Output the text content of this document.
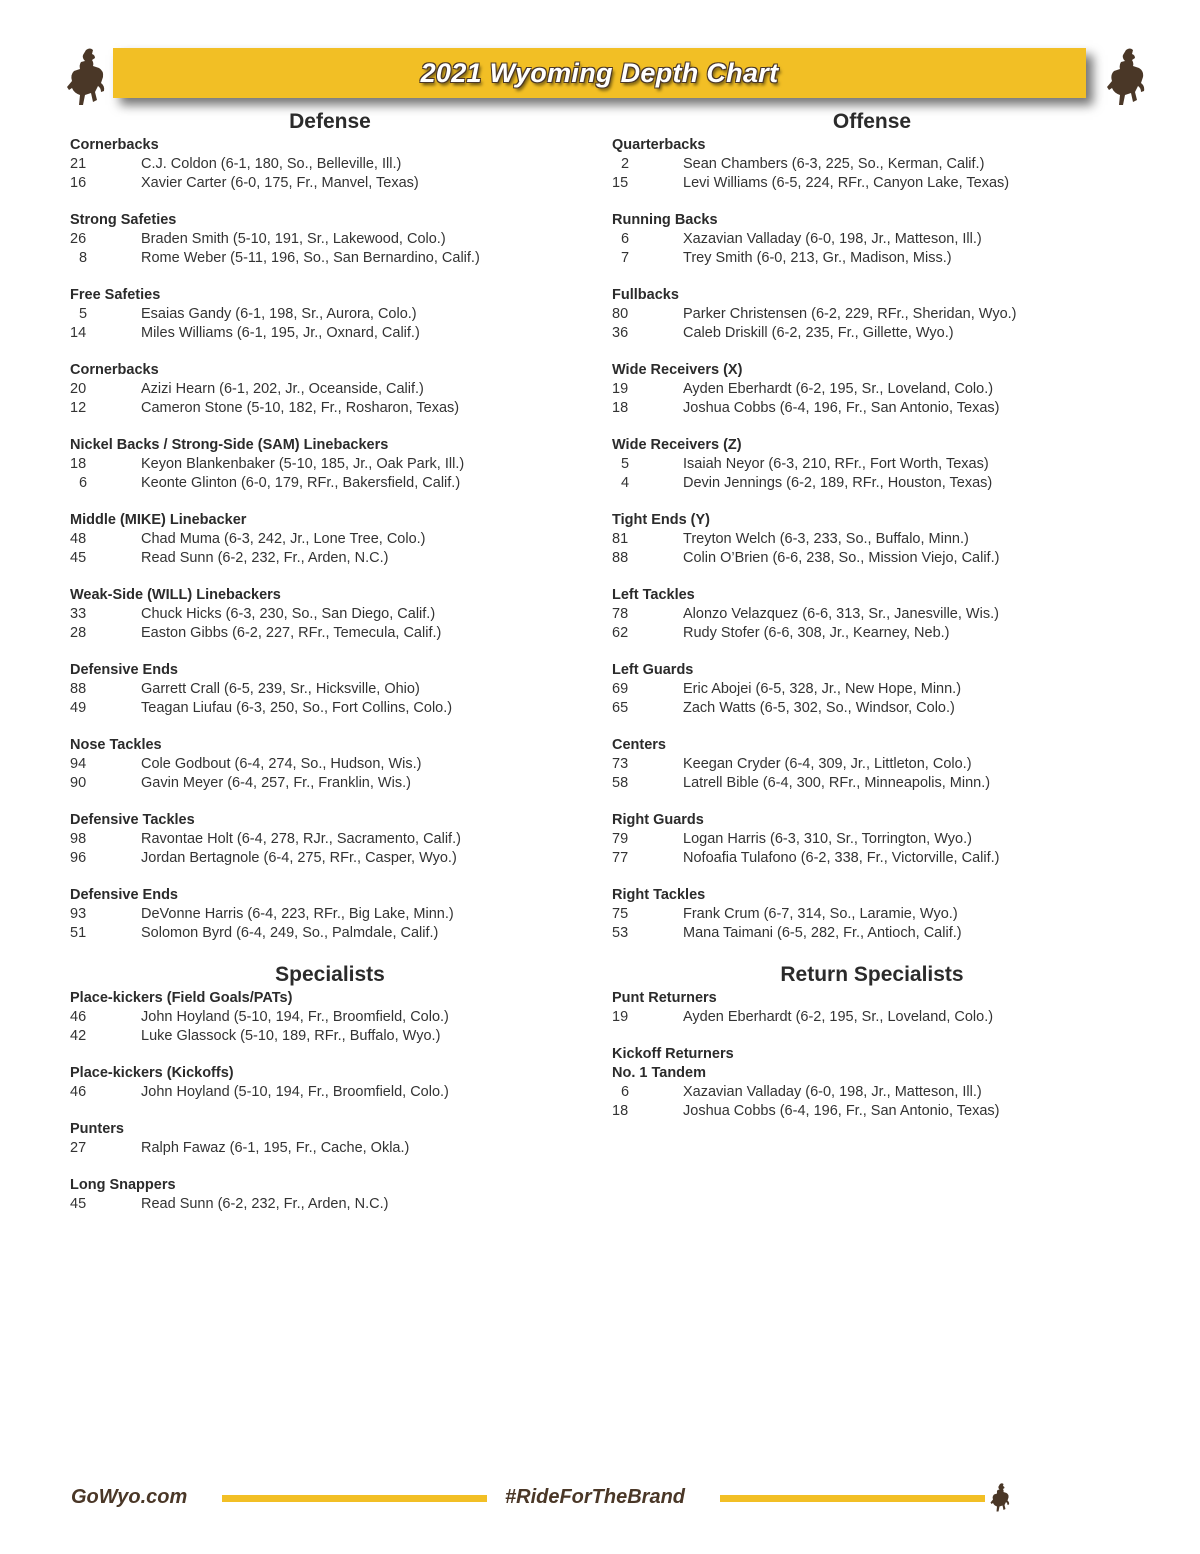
2021 Wyoming Depth Chart
Defense
Cornerbacks
21	C.J. Coldon (6-1, 180, So., Belleville, Ill.)
16	Xavier Carter (6-0, 175, Fr., Manvel, Texas)
Strong Safeties
26	Braden Smith (5-10, 191, Sr., Lakewood, Colo.)
8	Rome Weber (5-11, 196, So., San Bernardino, Calif.)
Free Safeties
5	Esaias Gandy (6-1, 198, Sr., Aurora, Colo.)
14	Miles Williams (6-1, 195, Jr., Oxnard, Calif.)
Cornerbacks
20	Azizi Hearn (6-1, 202, Jr., Oceanside, Calif.)
12	Cameron Stone (5-10, 182, Fr., Rosharon, Texas)
Nickel Backs / Strong-Side (SAM) Linebackers
18	Keyon Blankenbaker (5-10, 185, Jr., Oak Park, Ill.)
6	Keonte Glinton (6-0, 179, RFr., Bakersfield, Calif.)
Middle (MIKE) Linebacker
48	Chad Muma (6-3, 242, Jr., Lone Tree, Colo.)
45	Read Sunn (6-2, 232, Fr., Arden, N.C.)
Weak-Side (WILL) Linebackers
33	Chuck Hicks (6-3, 230, So., San Diego, Calif.)
28	Easton Gibbs (6-2, 227, RFr., Temecula, Calif.)
Defensive Ends
88	Garrett Crall (6-5, 239, Sr., Hicksville, Ohio)
49	Teagan Liufau (6-3, 250, So., Fort Collins, Colo.)
Nose Tackles
94	Cole Godbout (6-4, 274, So., Hudson, Wis.)
90	Gavin Meyer (6-4, 257, Fr., Franklin, Wis.)
Defensive Tackles
98	Ravontae Holt (6-4, 278, RJr., Sacramento, Calif.)
96	Jordan Bertagnole (6-4, 275, RFr., Casper, Wyo.)
Defensive Ends
93	DeVonne Harris (6-4, 223, RFr., Big Lake, Minn.)
51	Solomon Byrd (6-4, 249, So., Palmdale, Calif.)
Specialists
Place-kickers (Field Goals/PATs)
46	John Hoyland (5-10, 194, Fr., Broomfield, Colo.)
42	Luke Glassock (5-10, 189, RFr., Buffalo, Wyo.)
Place-kickers (Kickoffs)
46	John Hoyland (5-10, 194, Fr., Broomfield, Colo.)
Punters
27	Ralph Fawaz (6-1, 195, Fr., Cache, Okla.)
Long Snappers
45	Read Sunn (6-2, 232, Fr., Arden, N.C.)
Offense
Quarterbacks
2	Sean Chambers (6-3, 225, So., Kerman, Calif.)
15	Levi Williams (6-5, 224, RFr., Canyon Lake, Texas)
Running Backs
6	Xazavian Valladay (6-0, 198, Jr., Matteson, Ill.)
7	Trey Smith (6-0, 213, Gr., Madison, Miss.)
Fullbacks
80	Parker Christensen (6-2, 229, RFr., Sheridan, Wyo.)
36	Caleb Driskill (6-2, 235, Fr., Gillette, Wyo.)
Wide Receivers (X)
19	Ayden Eberhardt (6-2, 195, Sr., Loveland, Colo.)
18	Joshua Cobbs (6-4, 196, Fr., San Antonio, Texas)
Wide Receivers (Z)
5	Isaiah Neyor (6-3, 210, RFr., Fort Worth, Texas)
4	Devin Jennings (6-2, 189, RFr., Houston, Texas)
Tight Ends (Y)
81	Treyton Welch (6-3, 233, So., Buffalo, Minn.)
88	Colin O’Brien (6-6, 238, So., Mission Viejo, Calif.)
Left Tackles
78	Alonzo Velazquez (6-6, 313, Sr., Janesville, Wis.)
62	Rudy Stofer (6-6, 308, Jr., Kearney, Neb.)
Left Guards
69	Eric Abojei (6-5, 328, Jr., New Hope, Minn.)
65	Zach Watts (6-5, 302, So., Windsor, Colo.)
Centers
73	Keegan Cryder (6-4, 309, Jr., Littleton, Colo.)
58	Latrell Bible (6-4, 300, RFr., Minneapolis, Minn.)
Right Guards
79	Logan Harris (6-3, 310, Sr., Torrington, Wyo.)
77	Nofoafia Tulafono (6-2, 338, Fr., Victorville, Calif.)
Right Tackles
75	Frank Crum (6-7, 314, So., Laramie, Wyo.)
53	Mana Taimani (6-5, 282, Fr., Antioch, Calif.)
Return Specialists
Punt Returners
19	Ayden Eberhardt (6-2, 195, Sr., Loveland, Colo.)
Kickoff Returners
No. 1 Tandem
6	Xazavian Valladay (6-0, 198, Jr., Matteson, Ill.)
18	Joshua Cobbs (6-4, 196, Fr., San Antonio, Texas)
GoWyo.com	#RideForTheBrand
